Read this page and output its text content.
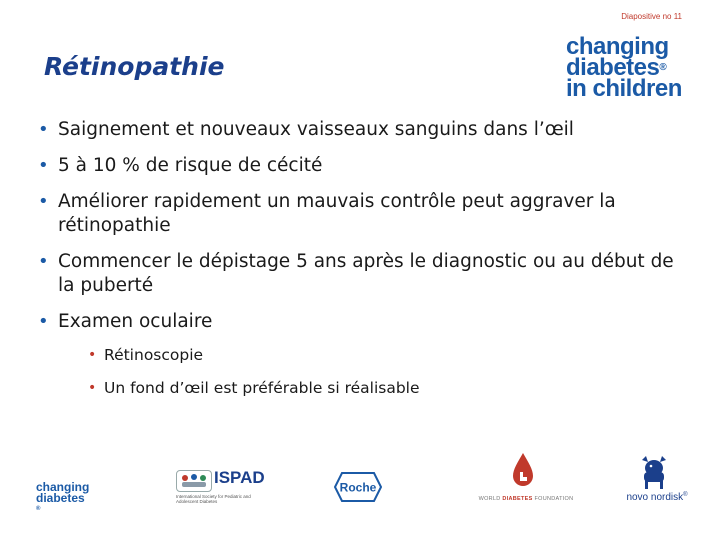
Diapositive no 11
Rétinopathie
changing
diabetes®
in children
• Saignement et nouveaux vaisseaux sanguins dans l’œil
• 5 à 10 % de risque de cécité
• Améliorer rapidement un mauvais contrôle peut aggraver la rétinopathie
• Commencer le dépistage 5 ans après le diagnostic ou au début de la puberté
• Examen oculaire
• Rétinoscopie
• Un fond d’œil est préférable si réalisable
changing
diabetes
®
ISPAD
International Society for Pediatric and Adolescent Diabetes
Roche
WORLD DIABETES FOUNDATION	novo nordisk®
